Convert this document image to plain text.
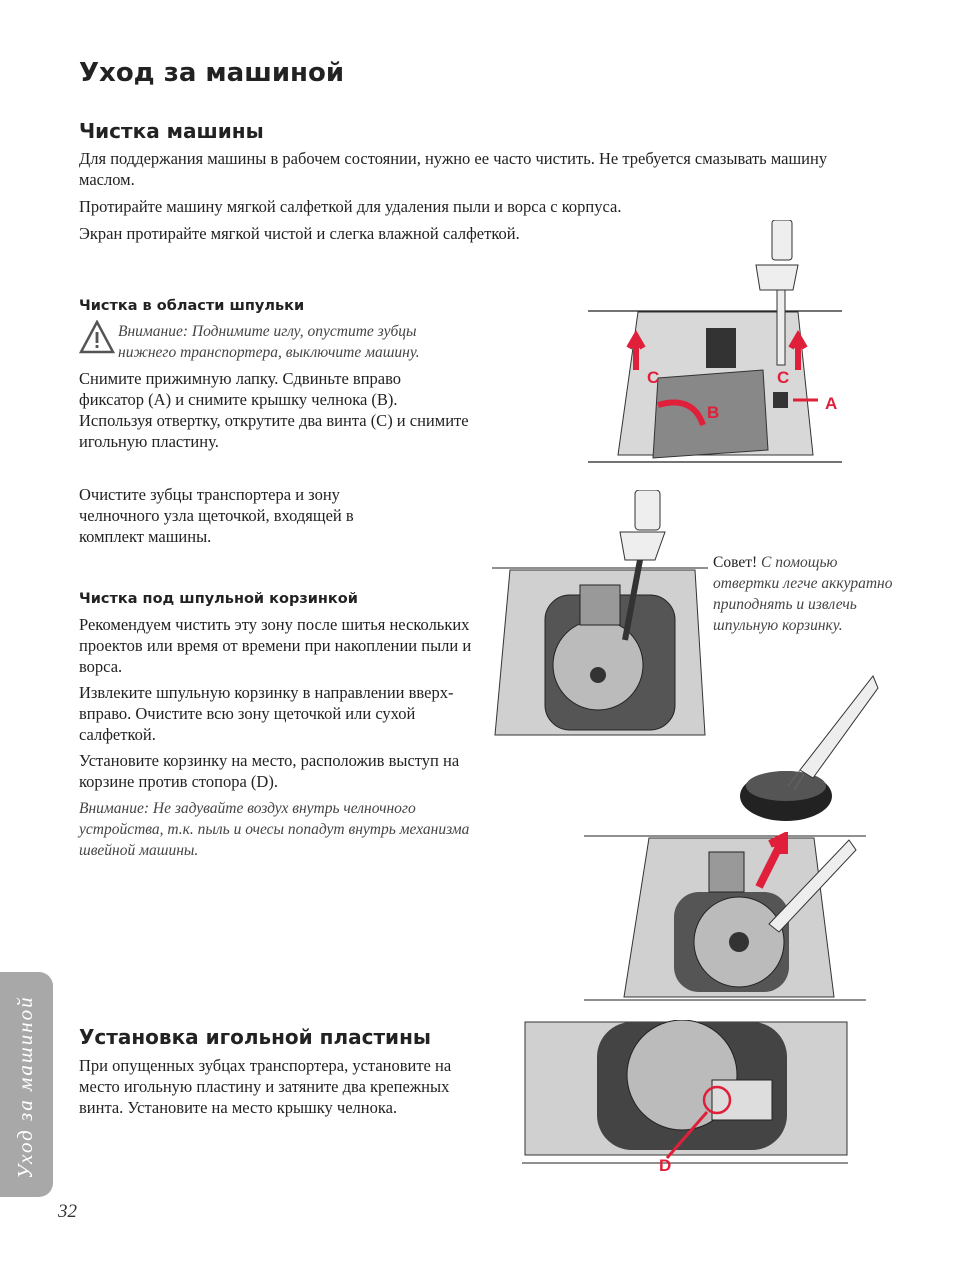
Уход за машиной
Чистка машины

Для поддержания машины в рабочем состоянии, нужно ее часто чистить. Не требуется смазывать машину маслом.

Протирайте машину мягкой салфеткой для удаления пыли и ворса с корпуса.

Экран протирайте мягкой чистой и слегка влажной салфеткой.

Чистка в области шпульки

Внимание: Поднимите иглу, опустите зубцы нижнего транспортера, выключите машину.

Снимите прижимную лапку. Сдвиньте вправо фиксатор (А) и снимите крышку челнока (В). Используя отвертку, открутите два винта (С) и снимите игольную пластину.

Очистите зубцы транспортера и зону челночного узла щеточкой, входящей в комплект машины.

Чистка под шпульной корзинкой

Рекомендуем чистить эту зону после шитья нескольких проектов или время от времени при накоплении пыли и ворса.

Извлеките шпульную корзинку в направлении вверх-вправо. Очистите всю зону щеточкой или сухой салфеткой.

Установите корзинку на место, расположив выступ на корзине против стопора (D).

Внимание: Не задувайте воздух внутрь челночного устройства, т.к. пыль и очесы попадут внутрь механизма швейной машины.

Совет! С помощью отвертки легче аккуратно приподнять и извлечь шпульную корзинку.

Установка игольной пластины

При опущенных зубцах транспортера, установите на место игольную пластину и затяните два крепежных винта. Установите на место крышку челнока.

C	C
B	A
D
Уход за машиной
32
